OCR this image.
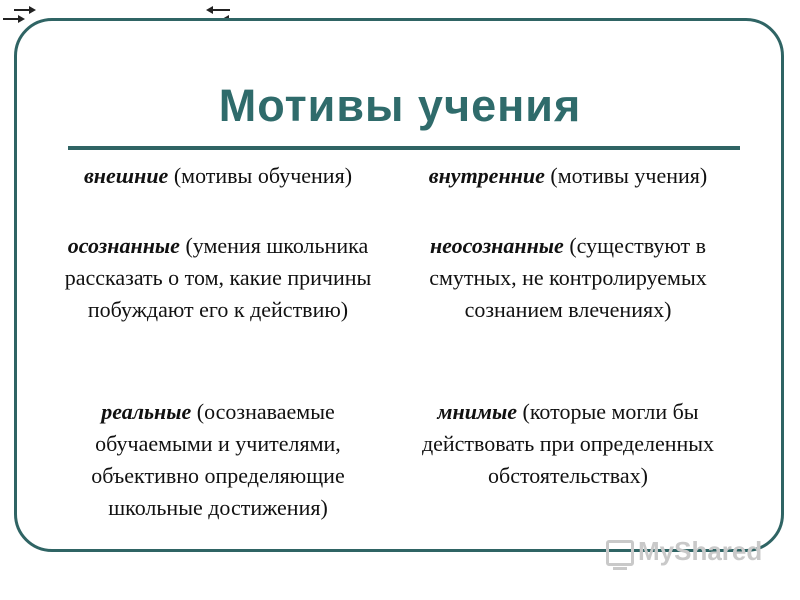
Мотивы учения
внешние (мотивы обучения)	внутренние (мотивы учения)
осознанные (умения школьника рассказать о том, какие причины побуждают его к действию)
неосознанные (существуют в смутных, не контролируемых сознанием влечениях)
реальные (осознаваемые обучаемыми и учителями, объективно определяющие школьные достижения)
мнимые (которые могли бы действовать при определенных обстоятельствах)
MyShared
